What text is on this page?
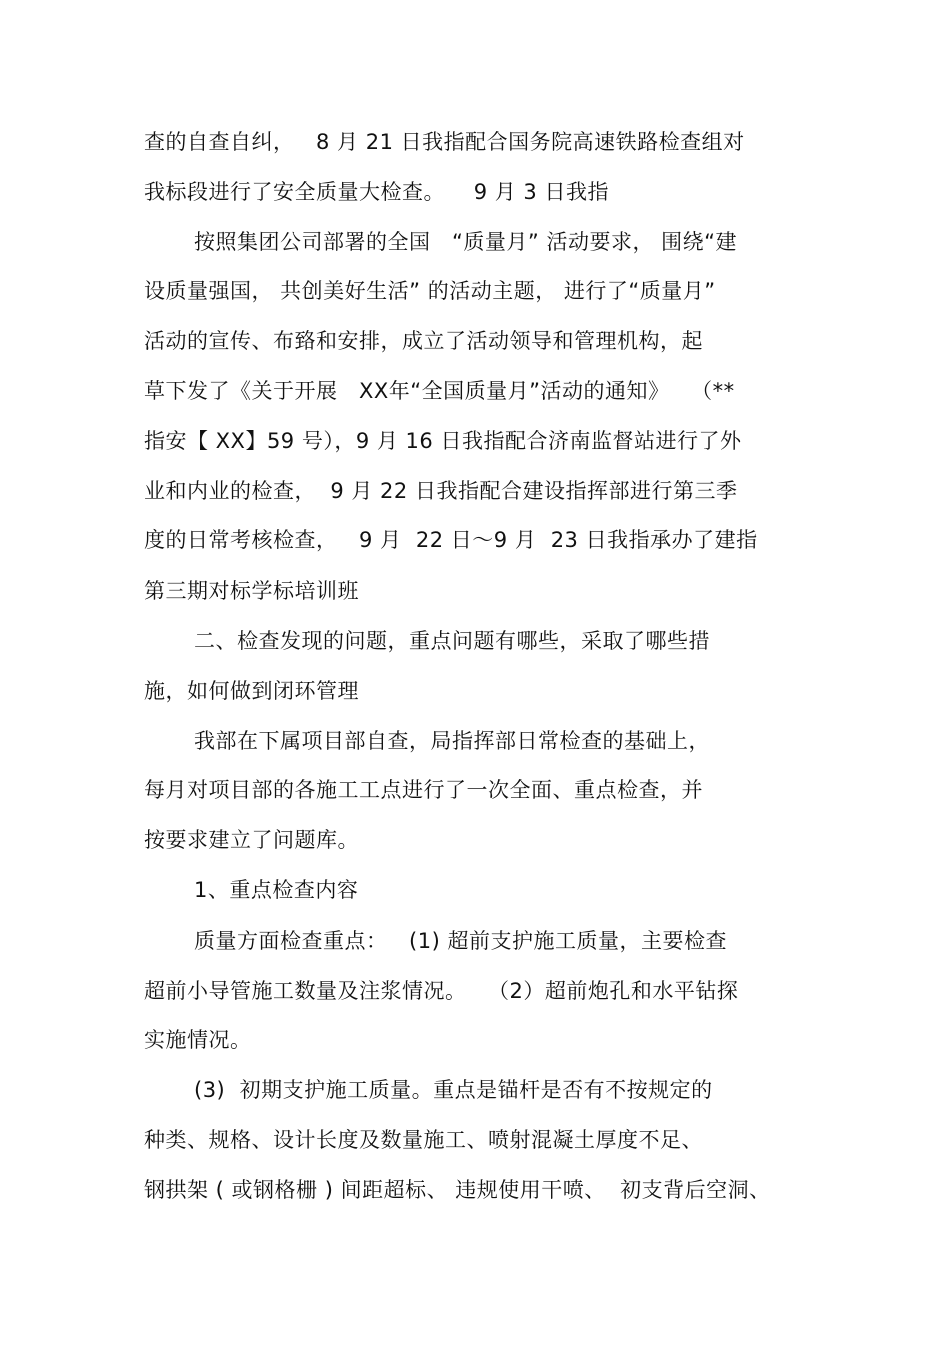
查的自查自纠，   8 月 21 日我指配合国务院高速铁路检查组对
我标段进行了安全质量大检查。    9 月 3 日我指
按照集团公司部署的全国   “质量月” 活动要求， 围绕“建
设质量强国， 共创美好生活” 的活动主题， 进行了“质量月”
活动的宣传、布臵和安排，成立了活动领导和管理机构，起
草下发了《关于开展   XX年“全国质量月”活动的通知》   （**
指安【 XX】59 号），9 月 16 日我指配合济南监督站进行了外
业和内业的检查，  9 月 22 日我指配合建设指挥部进行第三季
度的日常考核检查，   9 月  22 日～9 月  23 日我指承办了建指
第三期对标学标培训班
二、检查发现的问题，重点问题有哪些，采取了哪些措
施，如何做到闭环管理
我部在下属项目部自查，局指挥部日常检查的基础上，
每月对项目部的各施工工点进行了一次全面、重点检查，并
按要求建立了问题库。
1、重点检查内容
质量方面检查重点：   (1) 超前支护施工质量，主要检查
超前小导管施工数量及注浆情况。   （2）超前炮孔和水平钻探
实施情况。
(3)  初期支护施工质量。重点是锚杆是否有不按规定的
种类、规格、设计长度及数量施工、喷射混凝土厚度不足、
钢拱架 ( 或钢格栅 ) 间距超标、 违规使用干喷、  初支背后空洞、
